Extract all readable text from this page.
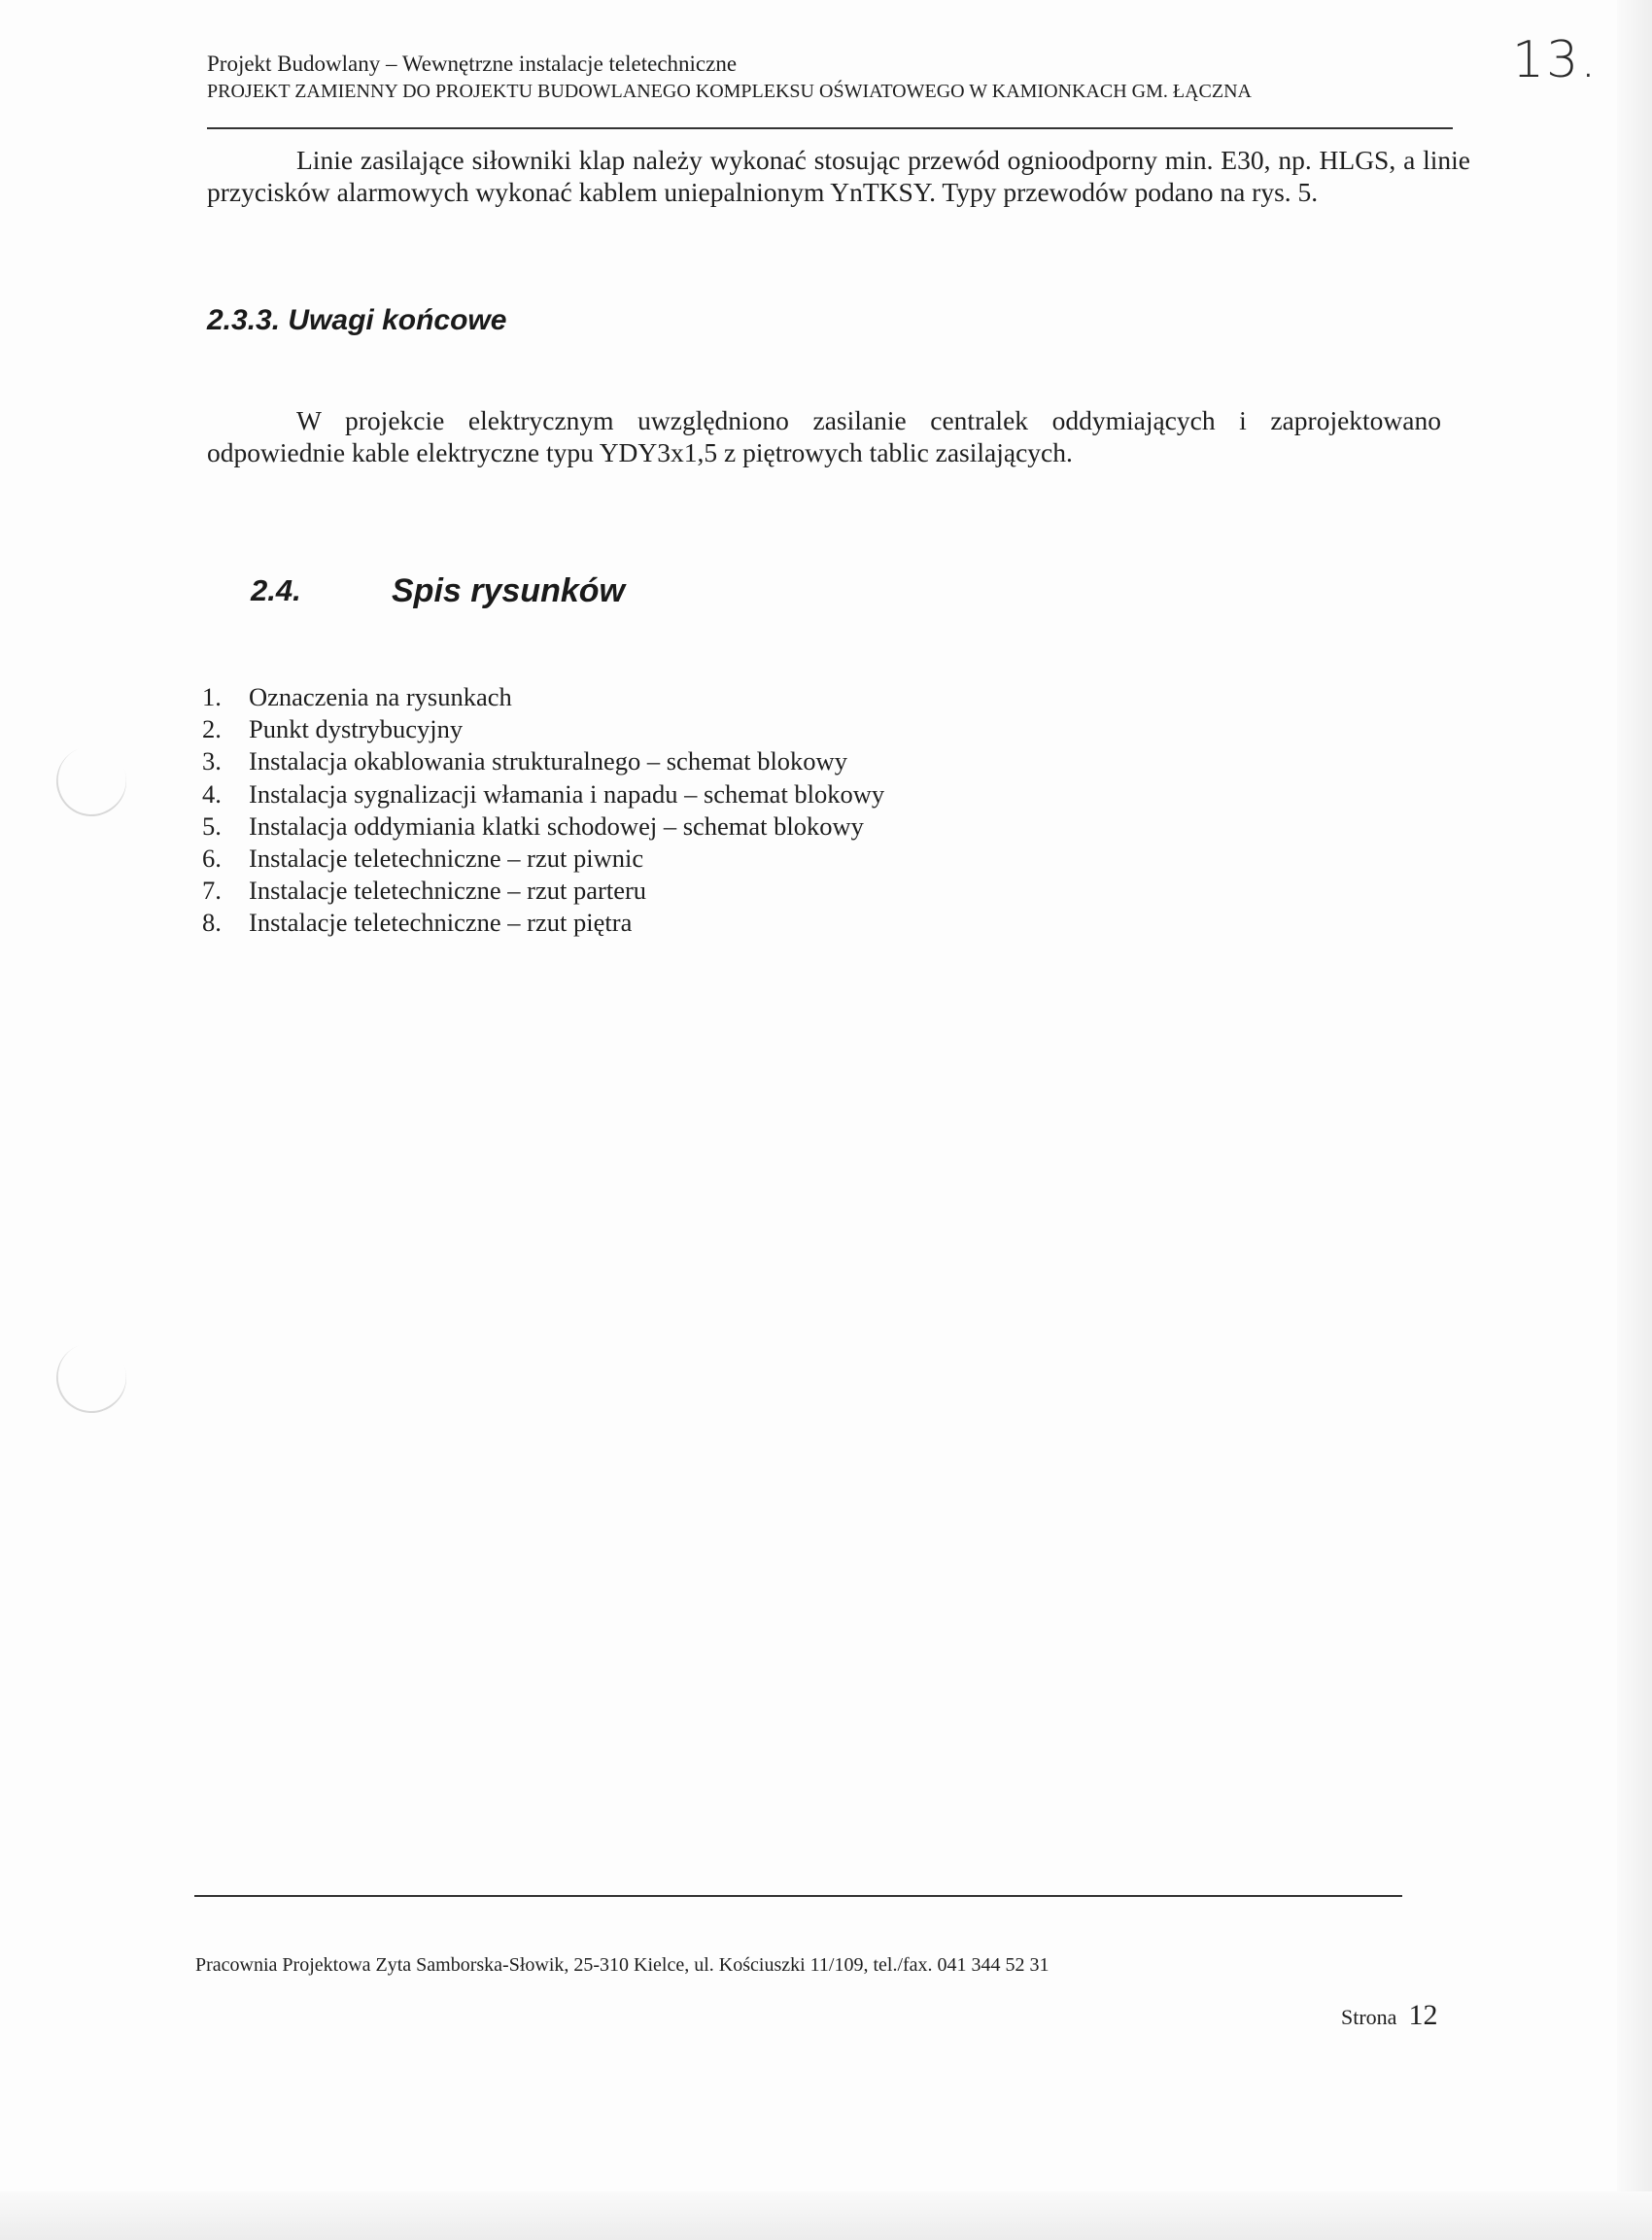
Projekt Budowlany – Wewnętrzne instalacje teletechniczne
PROJEKT ZAMIENNY DO PROJEKTU BUDOWLANEGO KOMPLEKSU OŚWIATOWEGO W KAMIONKACH GM. ŁĄCZNA
13.

Linie zasilające siłowniki klap należy wykonać stosując przewód ognioodporny min. E30, np. HLGS, a linie przycisków alarmowych wykonać kablem uniepalnionym YnTKSY. Typy przewodów podano na rys. 5.

2.3.3. Uwagi końcowe

W projekcie elektrycznym uwzględniono zasilanie centralek oddymiających i zaprojektowano odpowiednie kable elektryczne typu YDY3x1,5 z piętrowych tablic zasilających.

2.4.	Spis rysunków
1. Oznaczenia na rysunkach
2. Punkt dystrybucyjny
3. Instalacja okablowania strukturalnego – schemat blokowy
4. Instalacja sygnalizacji włamania i napadu – schemat blokowy
5. Instalacja oddymiania klatki schodowej – schemat blokowy
6. Instalacje teletechniczne – rzut piwnic
7. Instalacje teletechniczne – rzut parteru
8. Instalacje teletechniczne – rzut piętra
Pracownia Projektowa Zyta Samborska-Słowik, 25-310 Kielce, ul. Kościuszki 11/109, tel./fax. 041 344 52 31
Strona 12
